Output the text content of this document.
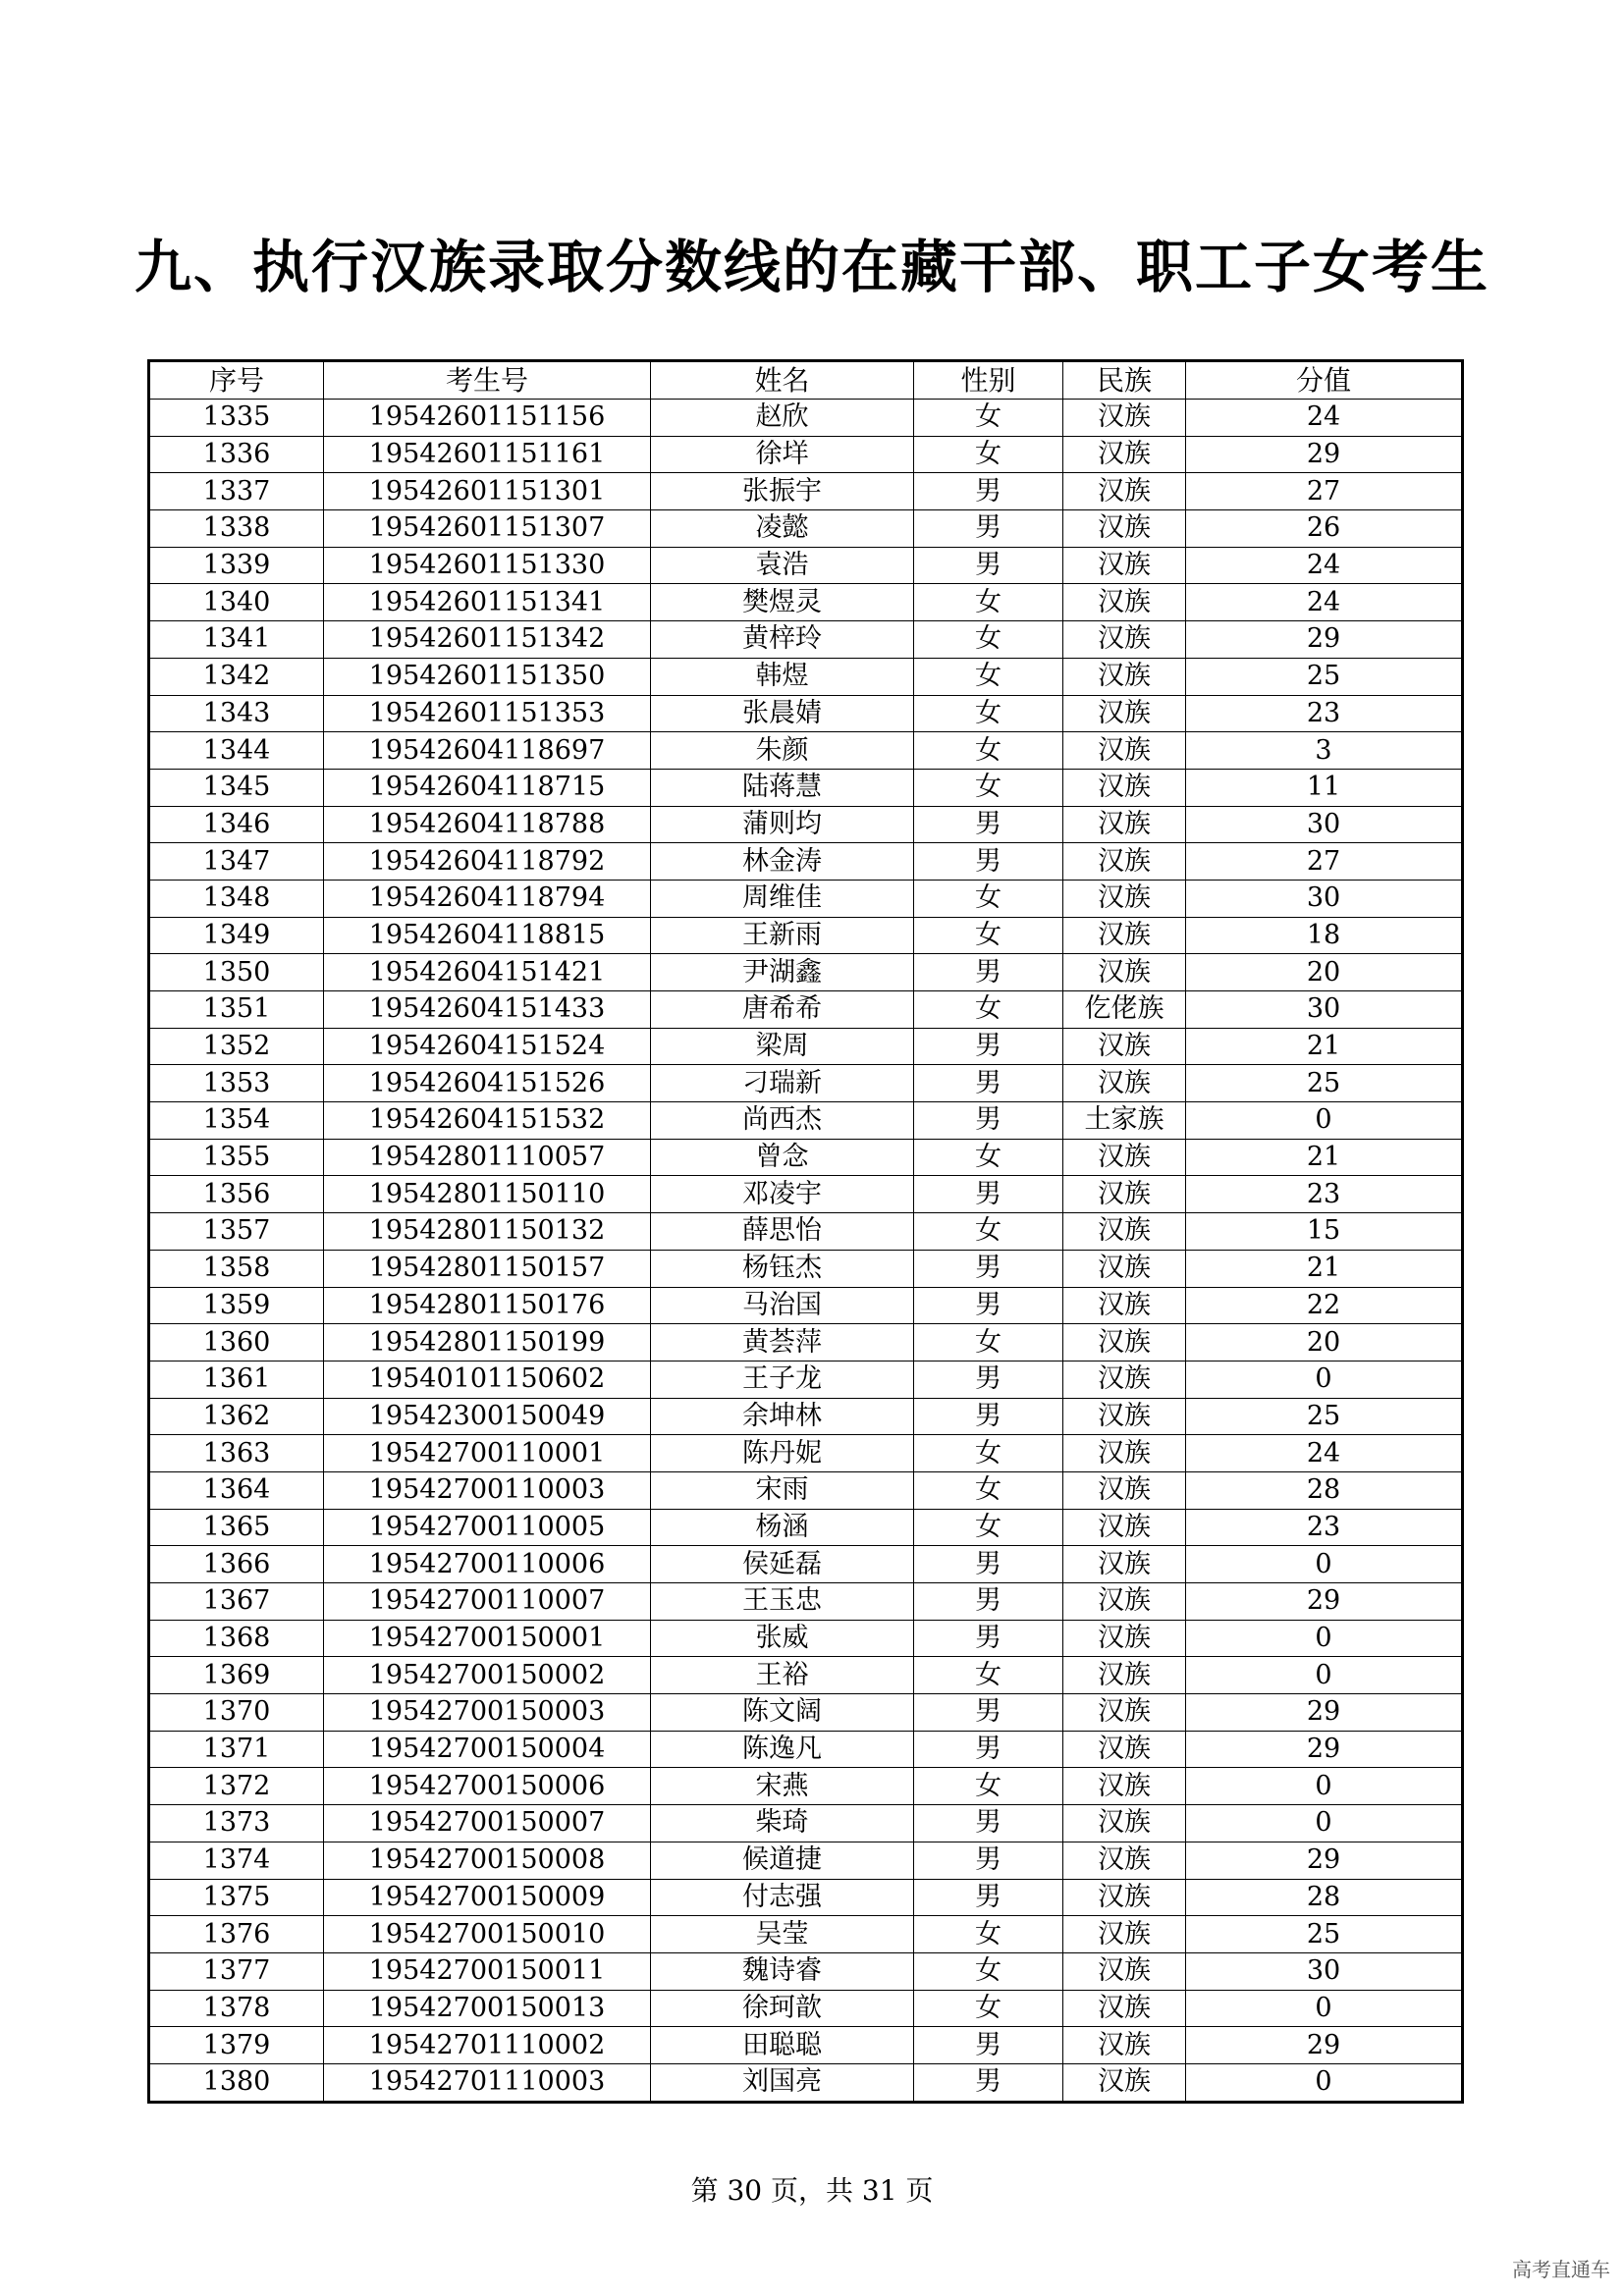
九、执行汉族录取分数线的在藏干部、职工子女考生
序号	考生号	姓名	性别	民族	分值
1335	19542601151156	赵欣	女	汉族	24
1336	19542601151161	徐垟	女	汉族	29
1337	19542601151301	张振宇	男	汉族	27
1338	19542601151307	凌懿	男	汉族	26
1339	19542601151330	袁浩	男	汉族	24
1340	19542601151341	樊煜灵	女	汉族	24
1341	19542601151342	黄梓玲	女	汉族	29
1342	19542601151350	韩煜	女	汉族	25
1343	19542601151353	张晨婧	女	汉族	23
1344	19542604118697	朱颜	女	汉族	3
1345	19542604118715	陆蒋慧	女	汉族	11
1346	19542604118788	蒲则均	男	汉族	30
1347	19542604118792	林金涛	男	汉族	27
1348	19542604118794	周维佳	女	汉族	30
1349	19542604118815	王新雨	女	汉族	18
1350	19542604151421	尹湖鑫	男	汉族	20
1351	19542604151433	唐希希	女	仡佬族	30
1352	19542604151524	梁周	男	汉族	21
1353	19542604151526	刁瑞新	男	汉族	25
1354	19542604151532	尚西杰	男	土家族	0
1355	19542801110057	曾念	女	汉族	21
1356	19542801150110	邓凌宇	男	汉族	23
1357	19542801150132	薛思怡	女	汉族	15
1358	19542801150157	杨钰杰	男	汉族	21
1359	19542801150176	马治国	男	汉族	22
1360	19542801150199	黄荟萍	女	汉族	20
1361	19540101150602	王子龙	男	汉族	0
1362	19542300150049	余坤林	男	汉族	25
1363	19542700110001	陈丹妮	女	汉族	24
1364	19542700110003	宋雨	女	汉族	28
1365	19542700110005	杨涵	女	汉族	23
1366	19542700110006	侯延磊	男	汉族	0
1367	19542700110007	王玉忠	男	汉族	29
1368	19542700150001	张威	男	汉族	0
1369	19542700150002	王裕	女	汉族	0
1370	19542700150003	陈文阔	男	汉族	29
1371	19542700150004	陈逸凡	男	汉族	29
1372	19542700150006	宋燕	女	汉族	0
1373	19542700150007	柴琦	男	汉族	0
1374	19542700150008	候道捷	男	汉族	29
1375	19542700150009	付志强	男	汉族	28
1376	19542700150010	吴莹	女	汉族	25
1377	19542700150011	魏诗睿	女	汉族	30
1378	19542700150013	徐珂歆	女	汉族	0
1379	19542701110002	田聪聪	男	汉族	29
1380	19542701110003	刘国亮	男	汉族	0
第 30 页，共 31 页
高考直通车
